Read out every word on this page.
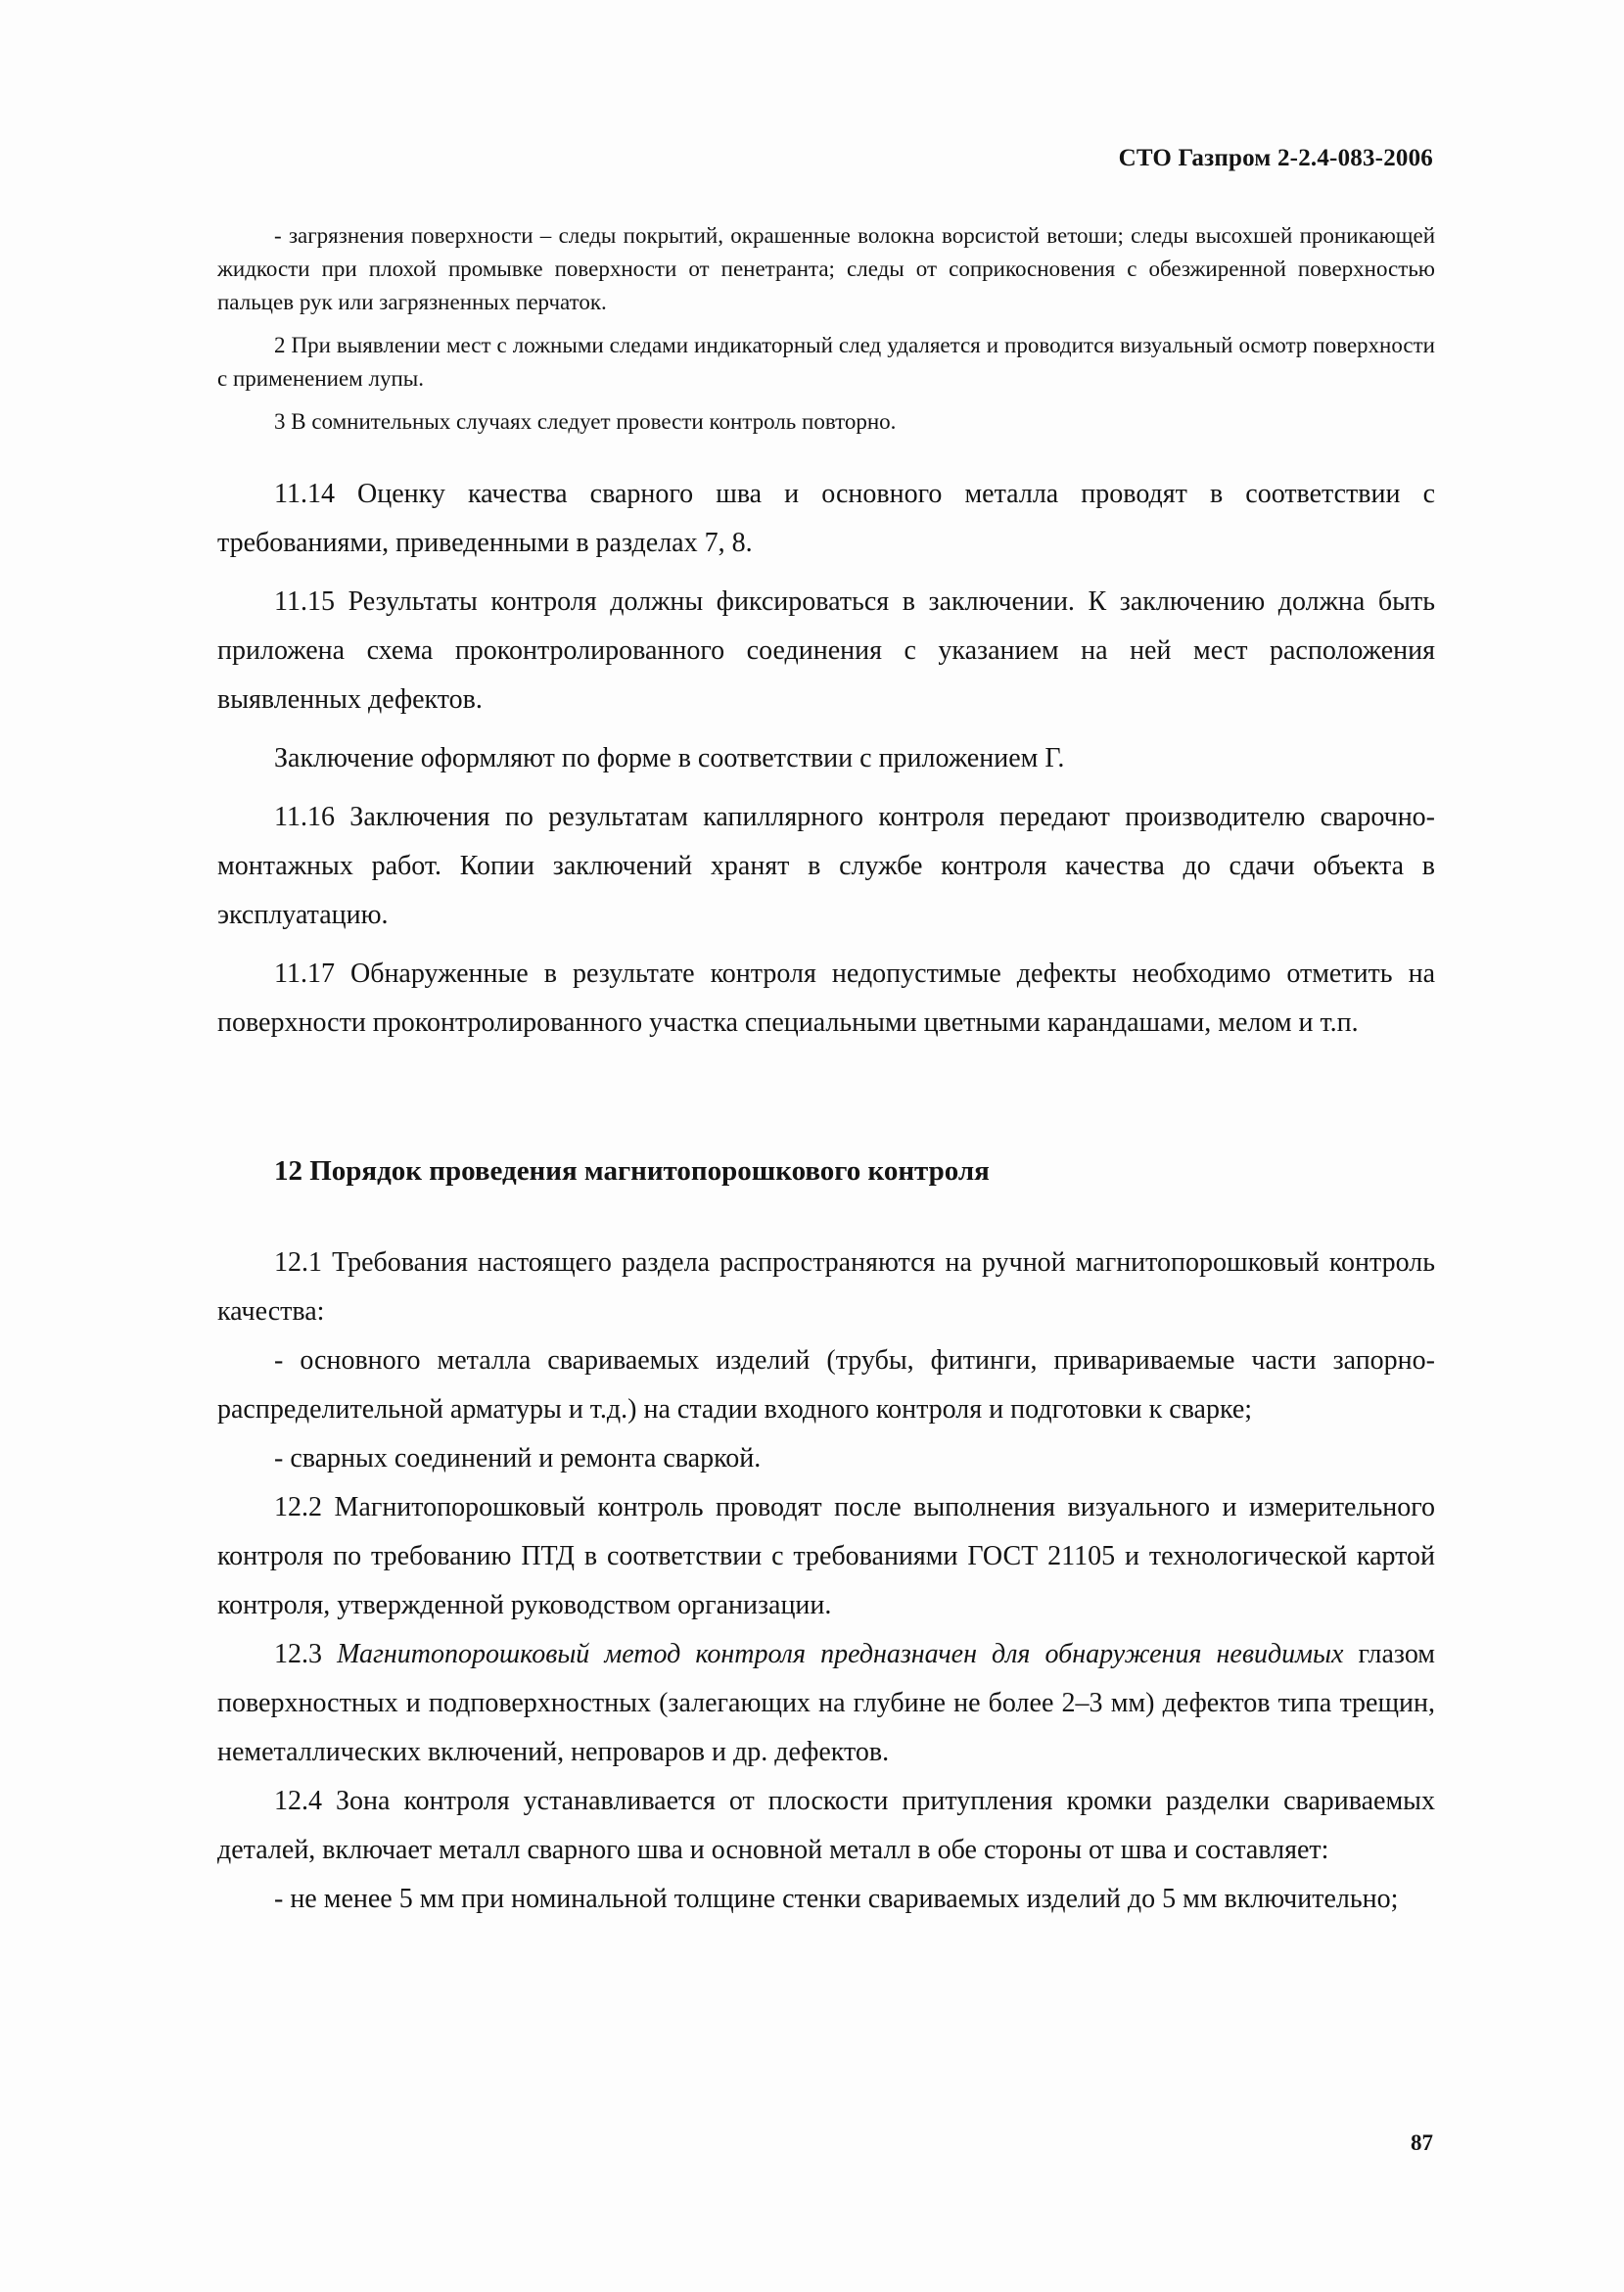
СТО Газпром 2-2.4-083-2006

- загрязнения поверхности – следы покрытий, окрашенные волокна ворсистой ветоши; следы высохшей проникающей жидкости при плохой промывке поверхности от пенетранта; следы от соприкосновения с обезжиренной поверхностью пальцев рук или загрязненных перчаток.

2 При выявлении мест с ложными следами индикаторный след удаляется и проводится визуальный осмотр поверхности с применением лупы.

3 В сомнительных случаях следует провести контроль повторно.

11.14 Оценку качества сварного шва и основного металла проводят в соответствии с требованиями, приведенными в разделах 7, 8.

11.15 Результаты контроля должны фиксироваться в заключении. К заключению должна быть приложена схема проконтролированного соединения с указанием на ней мест расположения выявленных дефектов.

Заключение оформляют по форме в соответствии с приложением Г.

11.16 Заключения по результатам капиллярного контроля передают производителю сварочно-монтажных работ. Копии заключений хранят в службе контроля качества до сдачи объекта в эксплуатацию.

11.17 Обнаруженные в результате контроля недопустимые дефекты необходимо отметить на поверхности проконтролированного участка специальными цветными карандашами, мелом и т.п.

12 Порядок проведения магнитопорошкового контроля

12.1 Требования настоящего раздела распространяются на ручной магнитопорошковый контроль качества:

- основного металла свариваемых изделий (трубы, фитинги, привариваемые части запорно-распределительной арматуры и т.д.) на стадии входного контроля и подготовки к сварке;

- сварных соединений и ремонта сваркой.

12.2 Магнитопорошковый контроль проводят после выполнения визуального и измерительного контроля по требованию ПТД в соответствии с требованиями ГОСТ 21105 и технологической картой контроля, утвержденной руководством организации.

12.3 Магнитопорошковый метод контроля предназначен для обнаружения невидимых глазом поверхностных и подповерхностных (залегающих на глубине не более 2–3 мм) дефектов типа трещин, неметаллических включений, непроваров и др. дефектов.

12.4 Зона контроля устанавливается от плоскости притупления кромки разделки свариваемых деталей, включает металл сварного шва и основной металл в обе стороны от шва и составляет:

- не менее 5 мм при номинальной толщине стенки свариваемых изделий до 5 мм включительно;

87
